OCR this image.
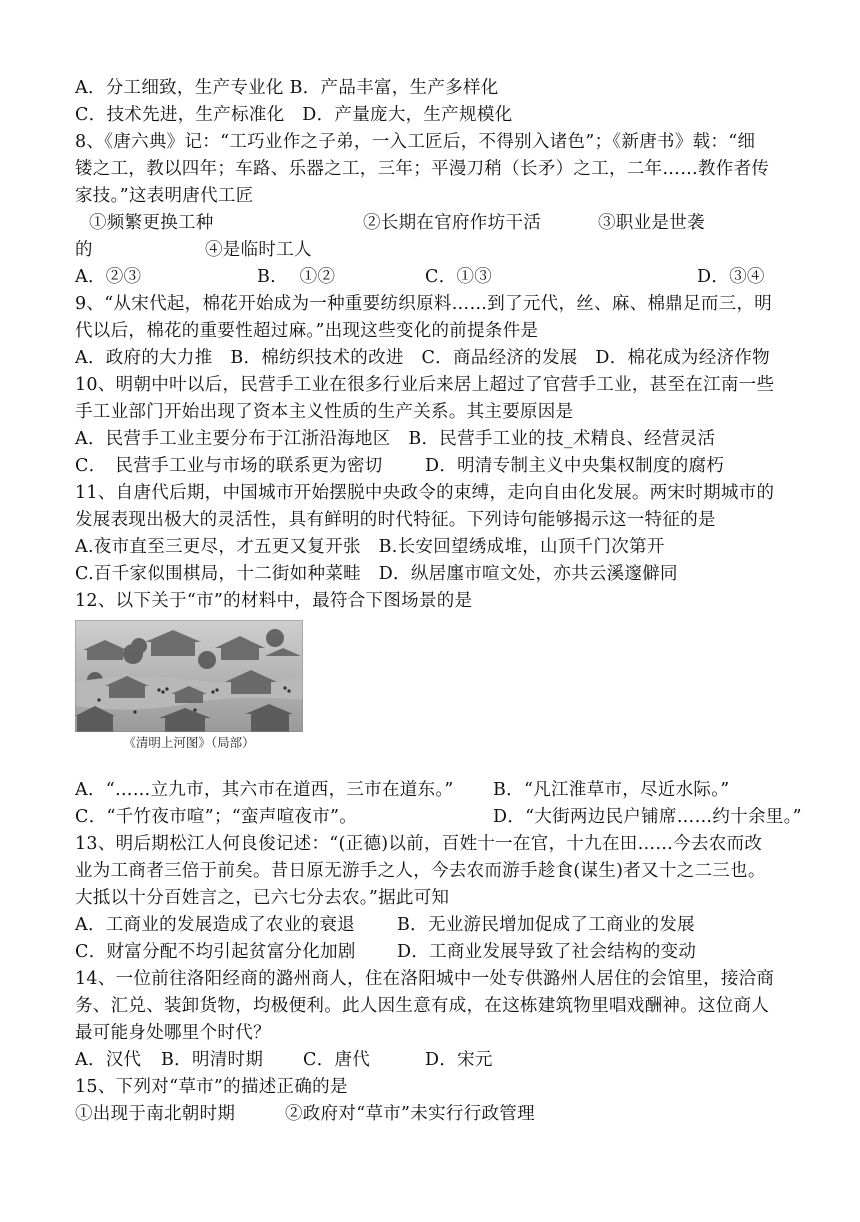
A．分工细致，生产专业化 B．产品丰富，生产多样化
C．技术先进，生产标准化　D．产量庞大，生产规模化
8、《唐六典》记：“工巧业作之子弟，一入工匠后，不得别入诸色”；《新唐书》载：“细
镂之工，教以四年；车路、乐器之工，三年；平漫刀稍（长矛）之工，二年……教作者传
家技。”这表明唐代工匠
①频繁更换工种	②长期在官府作坊干活	③职业是世袭
的	④是临时工人
A．②③	B.　 ①②	C．①③	D．③④
9、“从宋代起，棉花开始成为一种重要纺织原料……到了元代，丝、麻、棉鼎足而三，明
代以后，棉花的重要性超过麻。”出现这些变化的前提条件是
A．政府的大力推　B．棉纺织技术的改进　C．商品经济的发展　D．棉花成为经济作物
10、明朝中叶以后，民营手工业在很多行业后来居上超过了官营手工业，甚至在江南一些
手工业部门开始出现了资本主义性质的生产关系。其主要原因是
A．民营手工业主要分布于江浙沿海地区　B．民营手工业的技_术精良、经营灵活
C．　民营手工业与市场的联系更为密切 D．明清专制主义中央集权制度的腐朽
11、自唐代后期，中国城市开始摆脱中央政令的束缚，走向自由化发展。两宋时期城市的
发展表现出极大的灵活性，具有鲜明的时代特征。下列诗句能够揭示这一特征的是
A.夜市直至三更尽，才五更又复开张　B.长安回望绣成堆，山顶千门次第开
C.百千家似围棋局，十二街如种菜畦　D．纵居廛市喧文处，亦共云溪邃僻同
12、以下关于“市”的材料中，最符合下图场景的是
《清明上河图》（局部）
A．“……立九市，其六市在道西，三市在道东。” B．“凡江淮草市，尽近水际。”
C．“千竹夜市喧”；“蛮声喧夜市”。	D．“大街两边民户铺席……约十余里。”
13、明后期松江人何良俊记述：“(正德)以前，百姓十一在官，十九在田……今去农而改
业为工商者三倍于前矣。昔日原无游手之人，今去农而游手趁食(谋生)者又十之二三也。
大抵以十分百姓言之，已六七分去农。”据此可知
A．工商业的发展造成了农业的衰退 B．无业游民增加促成了工商业的发展
C．财富分配不均引起贫富分化加剧 D．工商业发展导致了社会结构的变动
14、一位前往洛阳经商的潞州商人，住在洛阳城中一处专供潞州人居住的会馆里，接洽商
务、汇兑、装卸货物，均极便利。此人因生意有成，在这栋建筑物里唱戏酬神。这位商人
最可能身处哪里个时代？
A．汉代 B．明清时期 C．唐代	D．宋元
15、下列对“草市”的描述正确的是
①出现于南北朝时期	②政府对“草市”未实行行政管理
